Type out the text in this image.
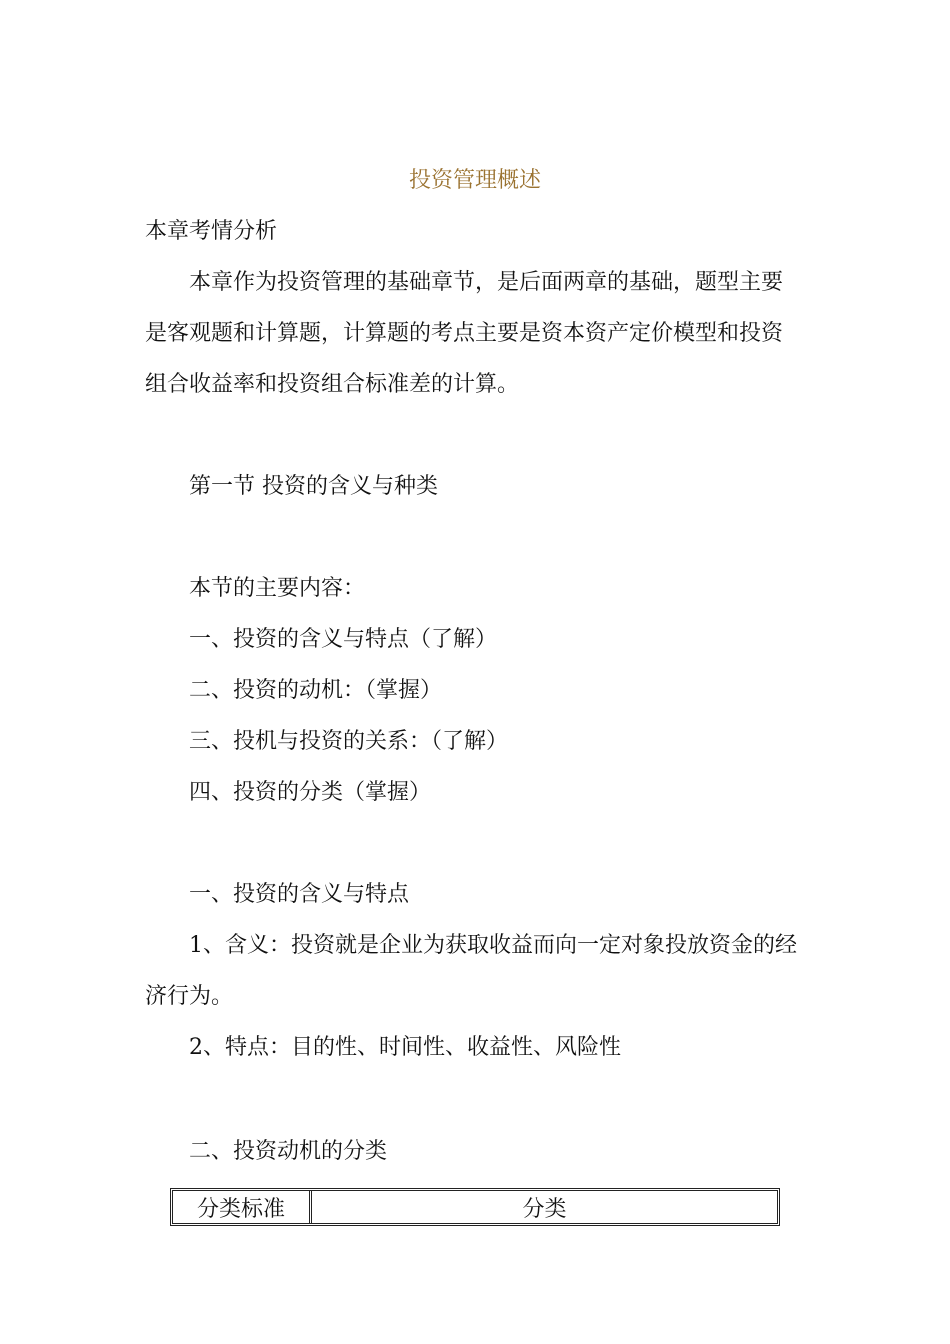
投资管理概述
本章考情分析
本章作为投资管理的基础章节，是后面两章的基础，题型主要
是客观题和计算题，计算题的考点主要是资本资产定价模型和投资
组合收益率和投资组合标准差的计算。
第一节 投资的含义与种类
本节的主要内容：
一、投资的含义与特点（了解）
二、投资的动机：（掌握）
三、投机与投资的关系：（了解）
四、投资的分类（掌握）
一、投资的含义与特点
1、含义：投资就是企业为获取收益而向一定对象投放资金的经
济行为。
2、特点：目的性、时间性、收益性、风险性
二、投资动机的分类
分类标准	分类
